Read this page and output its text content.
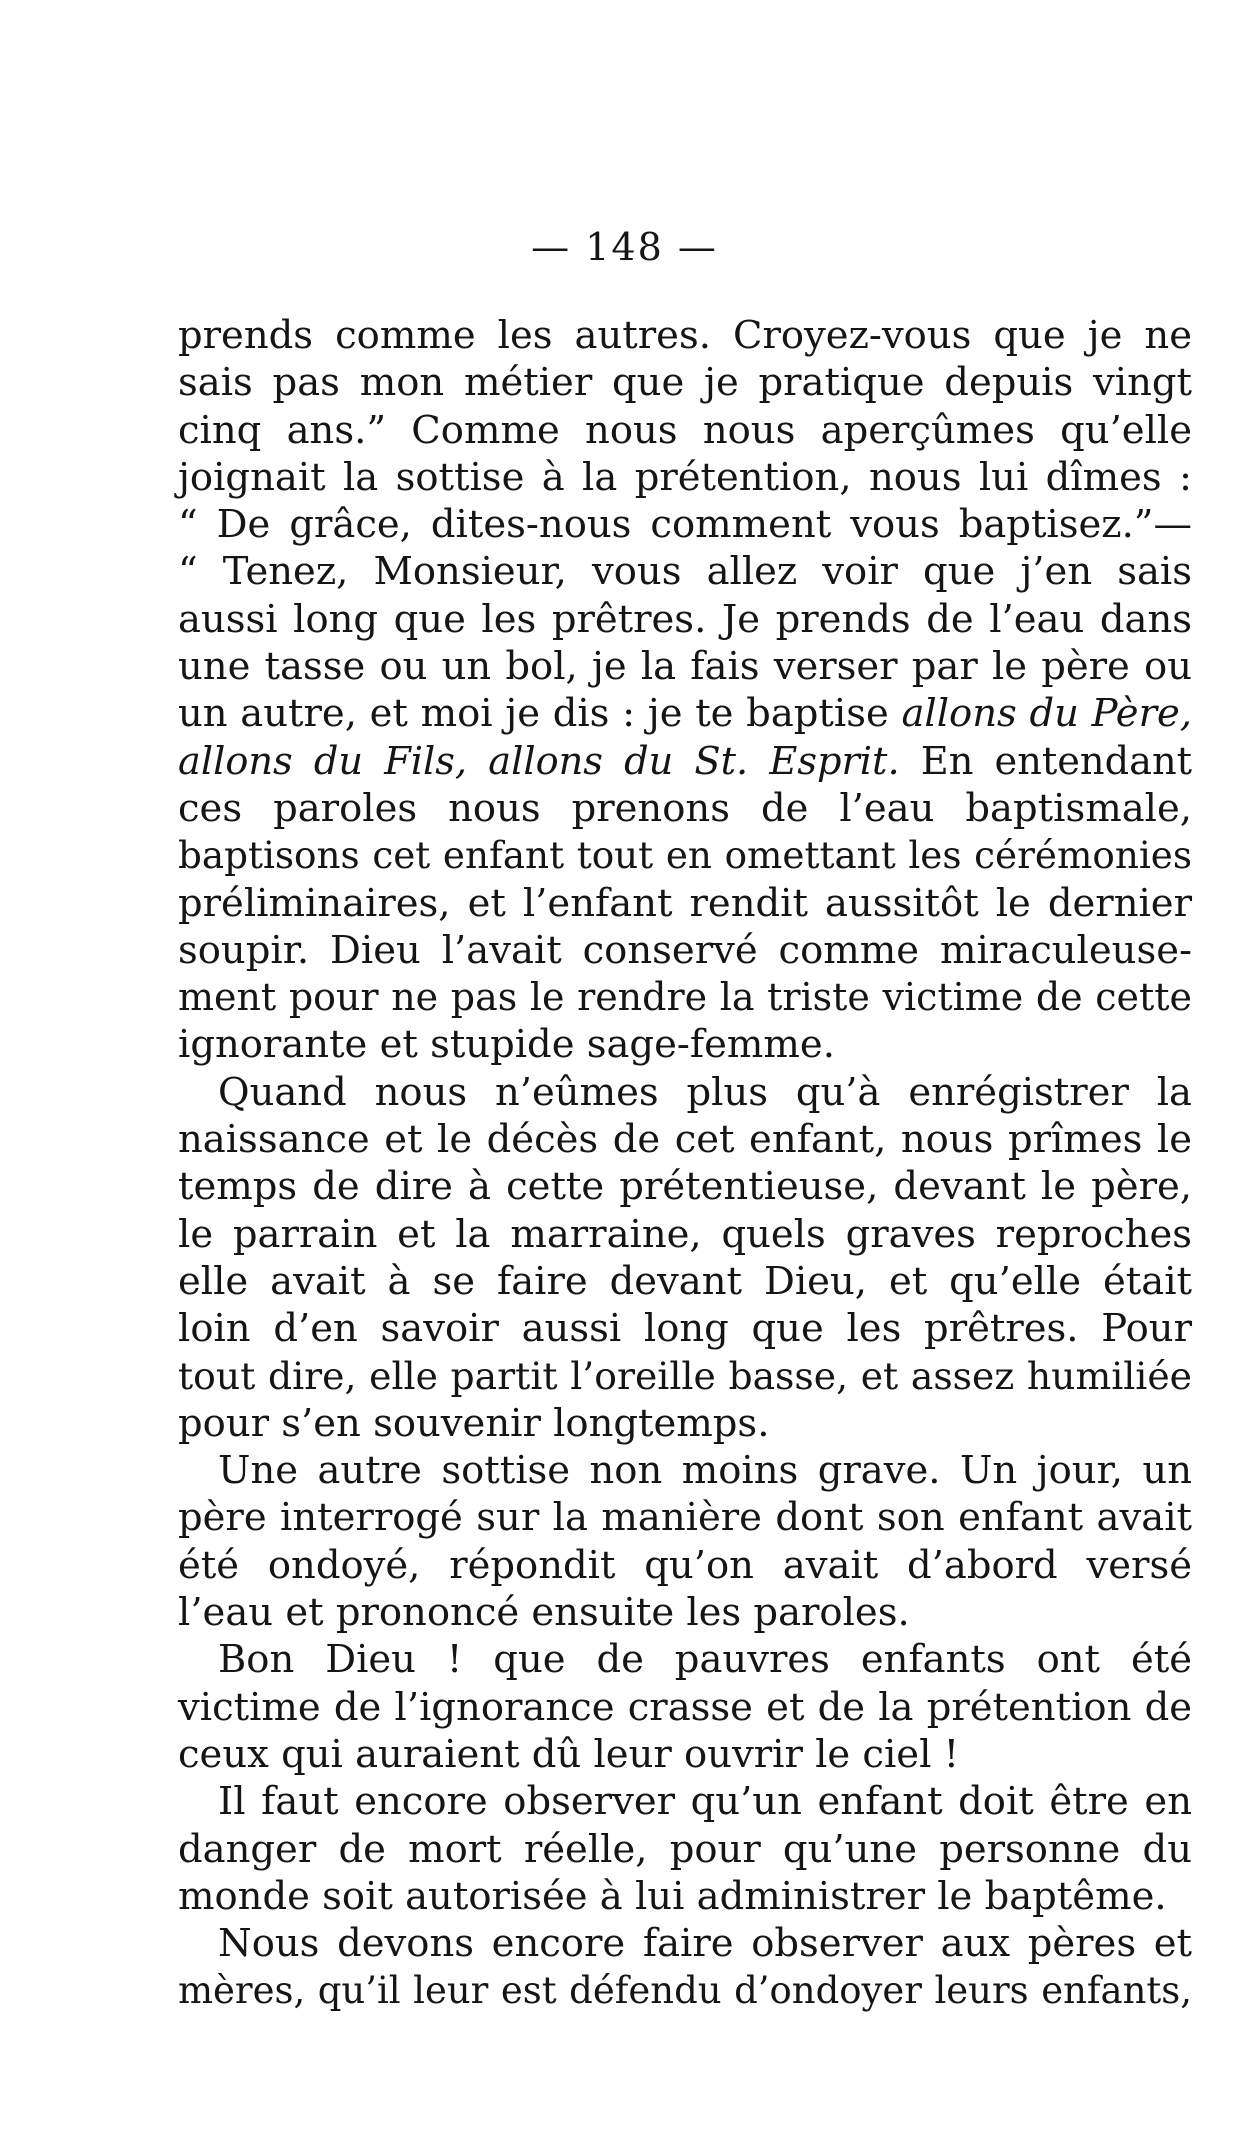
— 148 —
prends comme les autres. Croyez-vous que je ne
sais pas mon métier que je pratique depuis vingt
cinq ans.” Comme nous nous aperçûmes qu’elle
joignait la sottise à la prétention, nous lui dîmes :
“ De grâce, dites-nous comment vous baptisez.”—
“ Tenez, Monsieur, vous allez voir que j’en sais
aussi long que les prêtres. Je prends de l’eau dans
une tasse ou un bol, je la fais verser par le père ou
un autre, et moi je dis : je te baptise allons du Père,
allons du Fils, allons du St. Esprit. En entendant
ces paroles nous prenons de l’eau baptismale,
baptisons cet enfant tout en omettant les cérémonies
préliminaires, et l’enfant rendit aussitôt le dernier
soupir. Dieu l’avait conservé comme miraculeuse-
ment pour ne pas le rendre la triste victime de cette
ignorante et stupide sage-femme.
Quand nous n’eûmes plus qu’à enrégistrer la
naissance et le décès de cet enfant, nous prîmes le
temps de dire à cette prétentieuse, devant le père,
le parrain et la marraine, quels graves reproches
elle avait à se faire devant Dieu, et qu’elle était
loin d’en savoir aussi long que les prêtres. Pour
tout dire, elle partit l’oreille basse, et assez humiliée
pour s’en souvenir longtemps.
Une autre sottise non moins grave. Un jour, un
père interrogé sur la manière dont son enfant avait
été ondoyé, répondit qu’on avait d’abord versé
l’eau et prononcé ensuite les paroles.
Bon Dieu ! que de pauvres enfants ont été
victime de l’ignorance crasse et de la prétention de
ceux qui auraient dû leur ouvrir le ciel !
Il faut encore observer qu’un enfant doit être en
danger de mort réelle, pour qu’une personne du
monde soit autorisée à lui administrer le baptême.
Nous devons encore faire observer aux pères et
mères, qu’il leur est défendu d’ondoyer leurs enfants,
